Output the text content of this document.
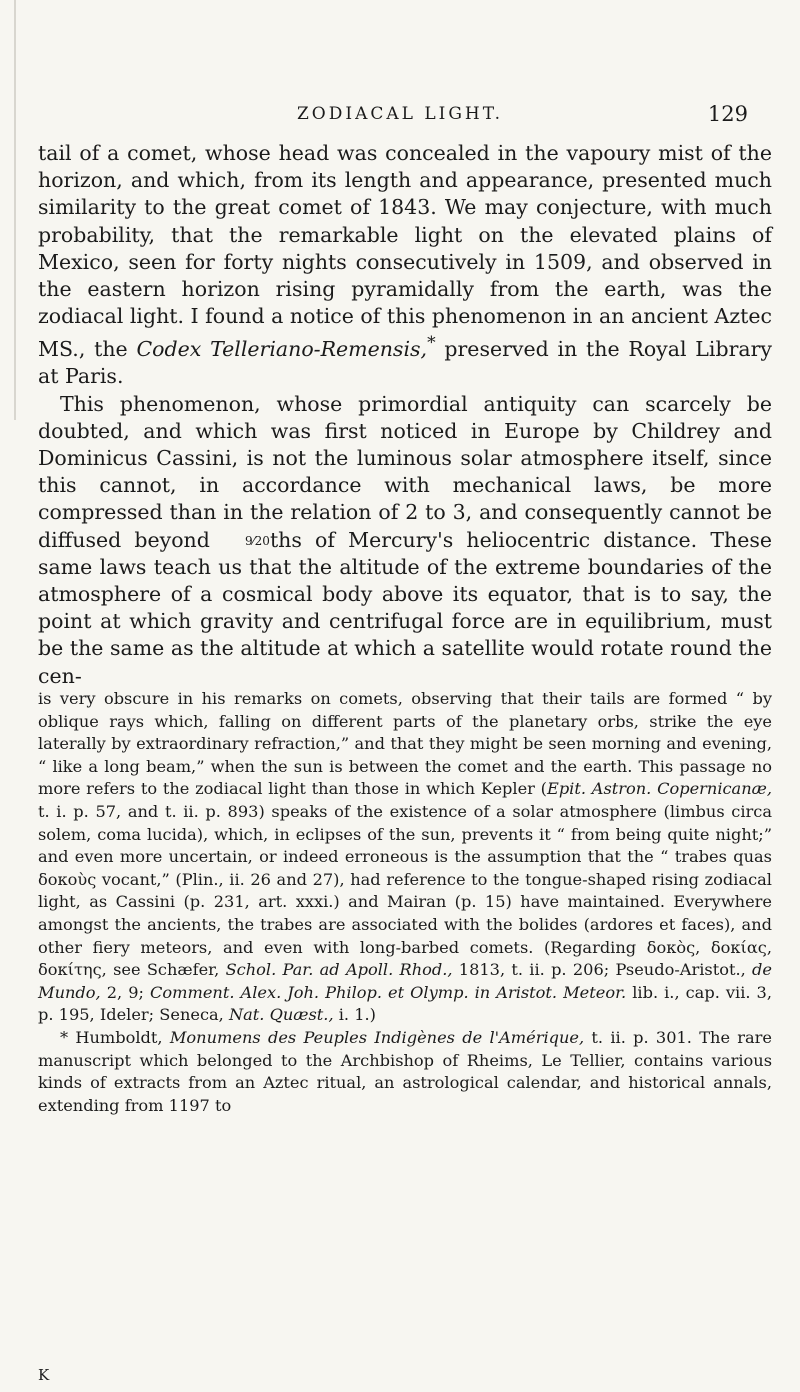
ZODIACAL LIGHT.	129

tail of a comet, whose head was concealed in the vapoury mist of the horizon, and which, from its length and appearance, presented much similarity to the great comet of 1843. We may conjecture, with much probability, that the remarkable light on the elevated plains of Mexico, seen for forty nights consecutively in 1509, and observed in the eastern horizon rising pyramidally from the earth, was the zodiacal light. I found a notice of this phenomenon in an ancient Aztec MS., the Codex Telleriano-Remensis,* preserved in the Royal Library at Paris.

This phenomenon, whose primordial antiquity can scarcely be doubted, and which was first noticed in Europe by Childrey and Dominicus Cassini, is not the luminous solar atmosphere itself, since this cannot, in accordance with mechanical laws, be more compressed than in the relation of 2 to 3, and consequently cannot be diffused beyond 9⁄20ths of Mercury's heliocentric distance. These same laws teach us that the altitude of the extreme boundaries of the atmosphere of a cosmical body above its equator, that is to say, the point at which gravity and centrifugal force are in equilibrium, must be the same as the altitude at which a satellite would rotate round the cen-

is very obscure in his remarks on comets, observing that their tails are formed “ by oblique rays which, falling on different parts of the planetary orbs, strike the eye laterally by extraordinary refraction,” and that they might be seen morning and evening, “ like a long beam,” when the sun is between the comet and the earth. This passage no more refers to the zodiacal light than those in which Kepler (Epit. Astron. Copernicanæ, t. i. p. 57, and t. ii. p. 893) speaks of the existence of a solar atmosphere (limbus circa solem, coma lucida), which, in eclipses of the sun, prevents it “ from being quite night;” and even more uncertain, or indeed erroneous is the assumption that the “ trabes quas δοκοὺς vocant,” (Plin., ii. 26 and 27), had reference to the tongue-shaped rising zodiacal light, as Cassini (p. 231, art. xxxi.) and Mairan (p. 15) have maintained. Everywhere amongst the ancients, the trabes are associated with the bolides (ardores et faces), and other fiery meteors, and even with long-barbed comets. (Regarding δοκὸς, δοκίας, δοκίτης, see Schæfer, Schol. Par. ad Apoll. Rhod., 1813, t. ii. p. 206; Pseudo-Aristot., de Mundo, 2, 9; Comment. Alex. Joh. Philop. et Olymp. in Aristot. Meteor. lib. i., cap. vii. 3, p. 195, Ideler; Seneca, Nat. Quæst., i. 1.)

* Humboldt, Monumens des Peuples Indigènes de l'Amérique, t. ii. p. 301. The rare manuscript which belonged to the Archbishop of Rheims, Le Tellier, contains various kinds of extracts from an Aztec ritual, an astrological calendar, and historical annals, extending from 1197 to

K
